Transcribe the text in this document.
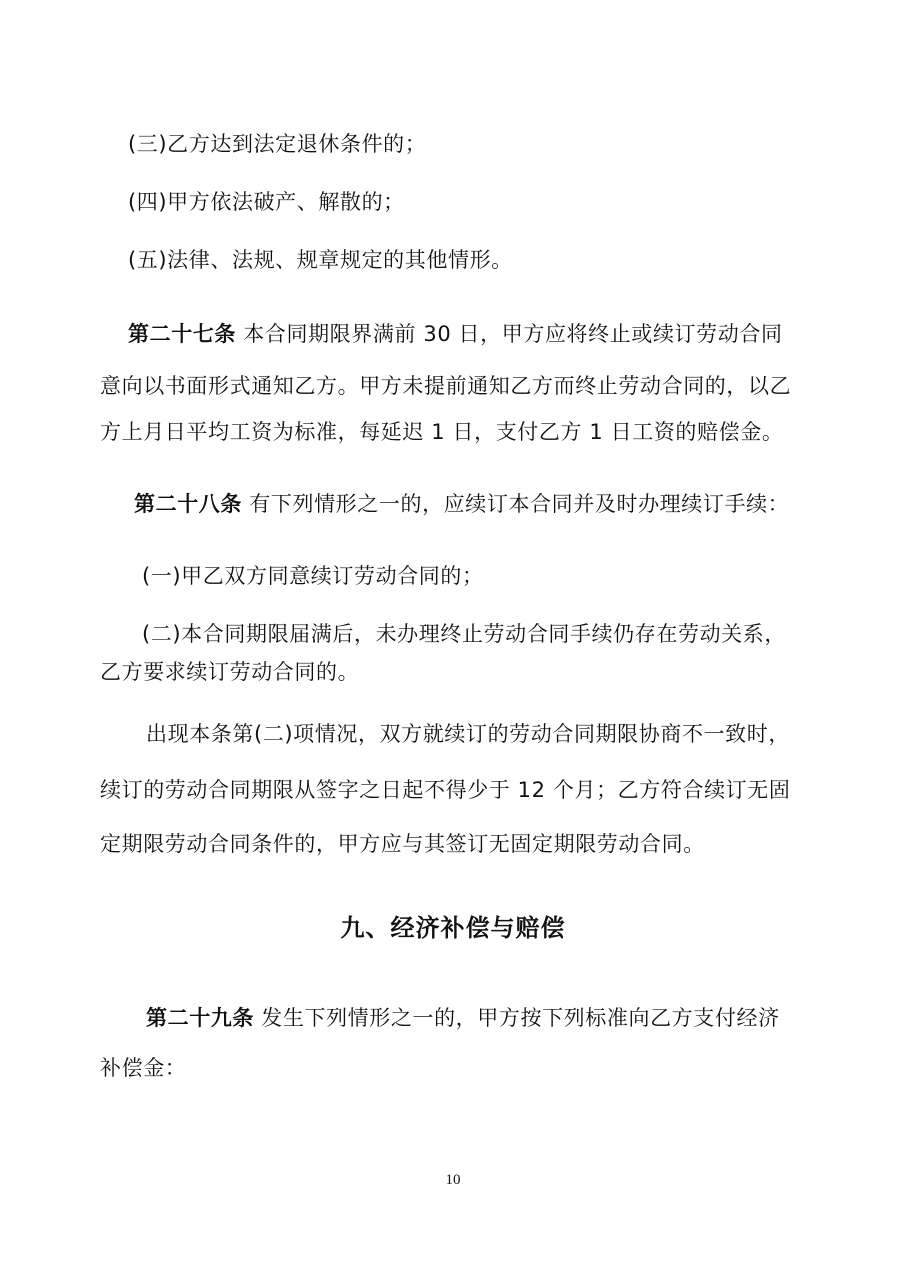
(三)乙方达到法定退休条件的；
(四)甲方依法破产、解散的；
(五)法律、法规、规章规定的其他情形。
第二十七条 本合同期限界满前 30 日，甲方应将终止或续订劳动合同
意向以书面形式通知乙方。甲方未提前通知乙方而终止劳动合同的，以乙
方上月日平均工资为标准，每延迟 1 日，支付乙方 1 日工资的赔偿金。
第二十八条 有下列情形之一的，应续订本合同并及时办理续订手续：
(一)甲乙双方同意续订劳动合同的；
(二)本合同期限届满后，未办理终止劳动合同手续仍存在劳动关系，
乙方要求续订劳动合同的。
出现本条第(二)项情况，双方就续订的劳动合同期限协商不一致时，
续订的劳动合同期限从签字之日起不得少于 12 个月；乙方符合续订无固
定期限劳动合同条件的，甲方应与其签订无固定期限劳动合同。
九、经济补偿与赔偿
第二十九条 发生下列情形之一的，甲方按下列标准向乙方支付经济
补偿金：
10
